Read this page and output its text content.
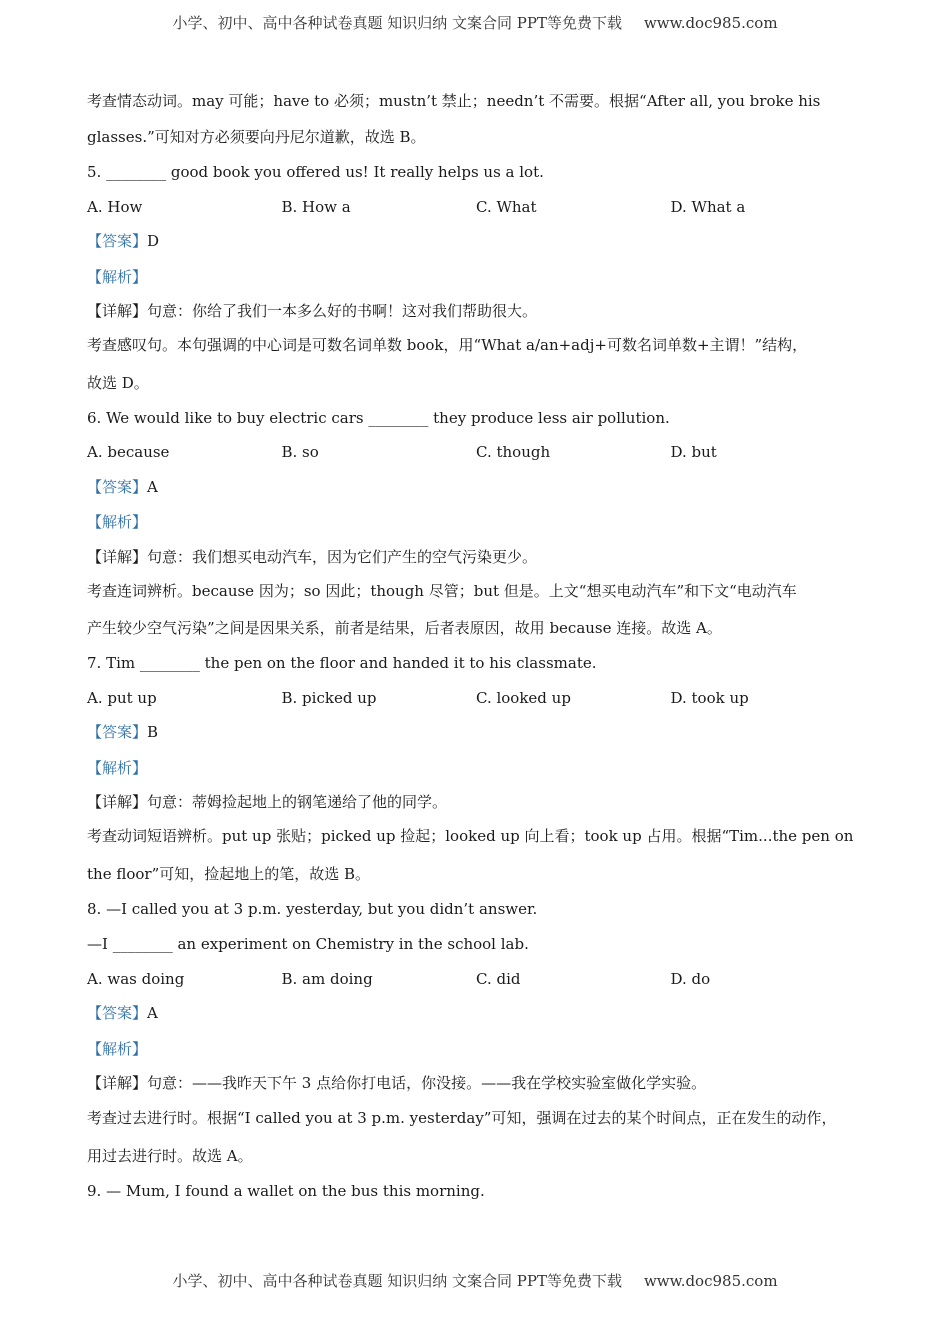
小学、初中、高中各种试卷真题 知识归纳 文案合同 PPT等免费下载 www.doc985.com
考查情态动词。may 可能；have to 必须；mustn’t 禁止；needn’t 不需要。根据“After all, you broke his
glasses.”可知对方必须要向丹尼尔道歉，故选 B。
5. ________ good book you offered us! It really helps us a lot.
A. How	B. How a	C. What	D. What a
【答案】D
【解析】
【详解】句意：你给了我们一本多么好的书啊！这对我们帮助很大。
考查感叹句。本句强调的中心词是可数名词单数 book，用“What a/an+adj+可数名词单数+主谓！”结构，
故选 D。
6. We would like to buy electric cars ________ they produce less air pollution.
A. because	B. so	C. though	D. but
【答案】A
【解析】
【详解】句意：我们想买电动汽车，因为它们产生的空气污染更少。
考查连词辨析。because 因为；so 因此；though 尽管；but 但是。上文“想买电动汽车”和下文“电动汽车
产生较少空气污染”之间是因果关系，前者是结果，后者表原因，故用 because 连接。故选 A。
7. Tim ________ the pen on the floor and handed it to his classmate.
A. put up	B. picked up	C. looked up	D. took up
【答案】B
【解析】
【详解】句意：蒂姆捡起地上的钢笔递给了他的同学。
考查动词短语辨析。put up 张贴；picked up 捡起；looked up 向上看；took up 占用。根据“Tim...the pen on
the floor”可知，捡起地上的笔，故选 B。
8. —I called you at 3 p.m. yesterday, but you didn’t answer.
—I ________ an experiment on Chemistry in the school lab.
A. was doing	B. am doing	C. did	D. do
【答案】A
【解析】
【详解】句意：——我昨天下午 3 点给你打电话，你没接。——我在学校实验室做化学实验。
考查过去进行时。根据“I called you at 3 p.m. yesterday”可知，强调在过去的某个时间点，正在发生的动作，
用过去进行时。故选 A。
9. — Mum, I found a wallet on the bus this morning.
小学、初中、高中各种试卷真题 知识归纳 文案合同 PPT等免费下载 www.doc985.com
